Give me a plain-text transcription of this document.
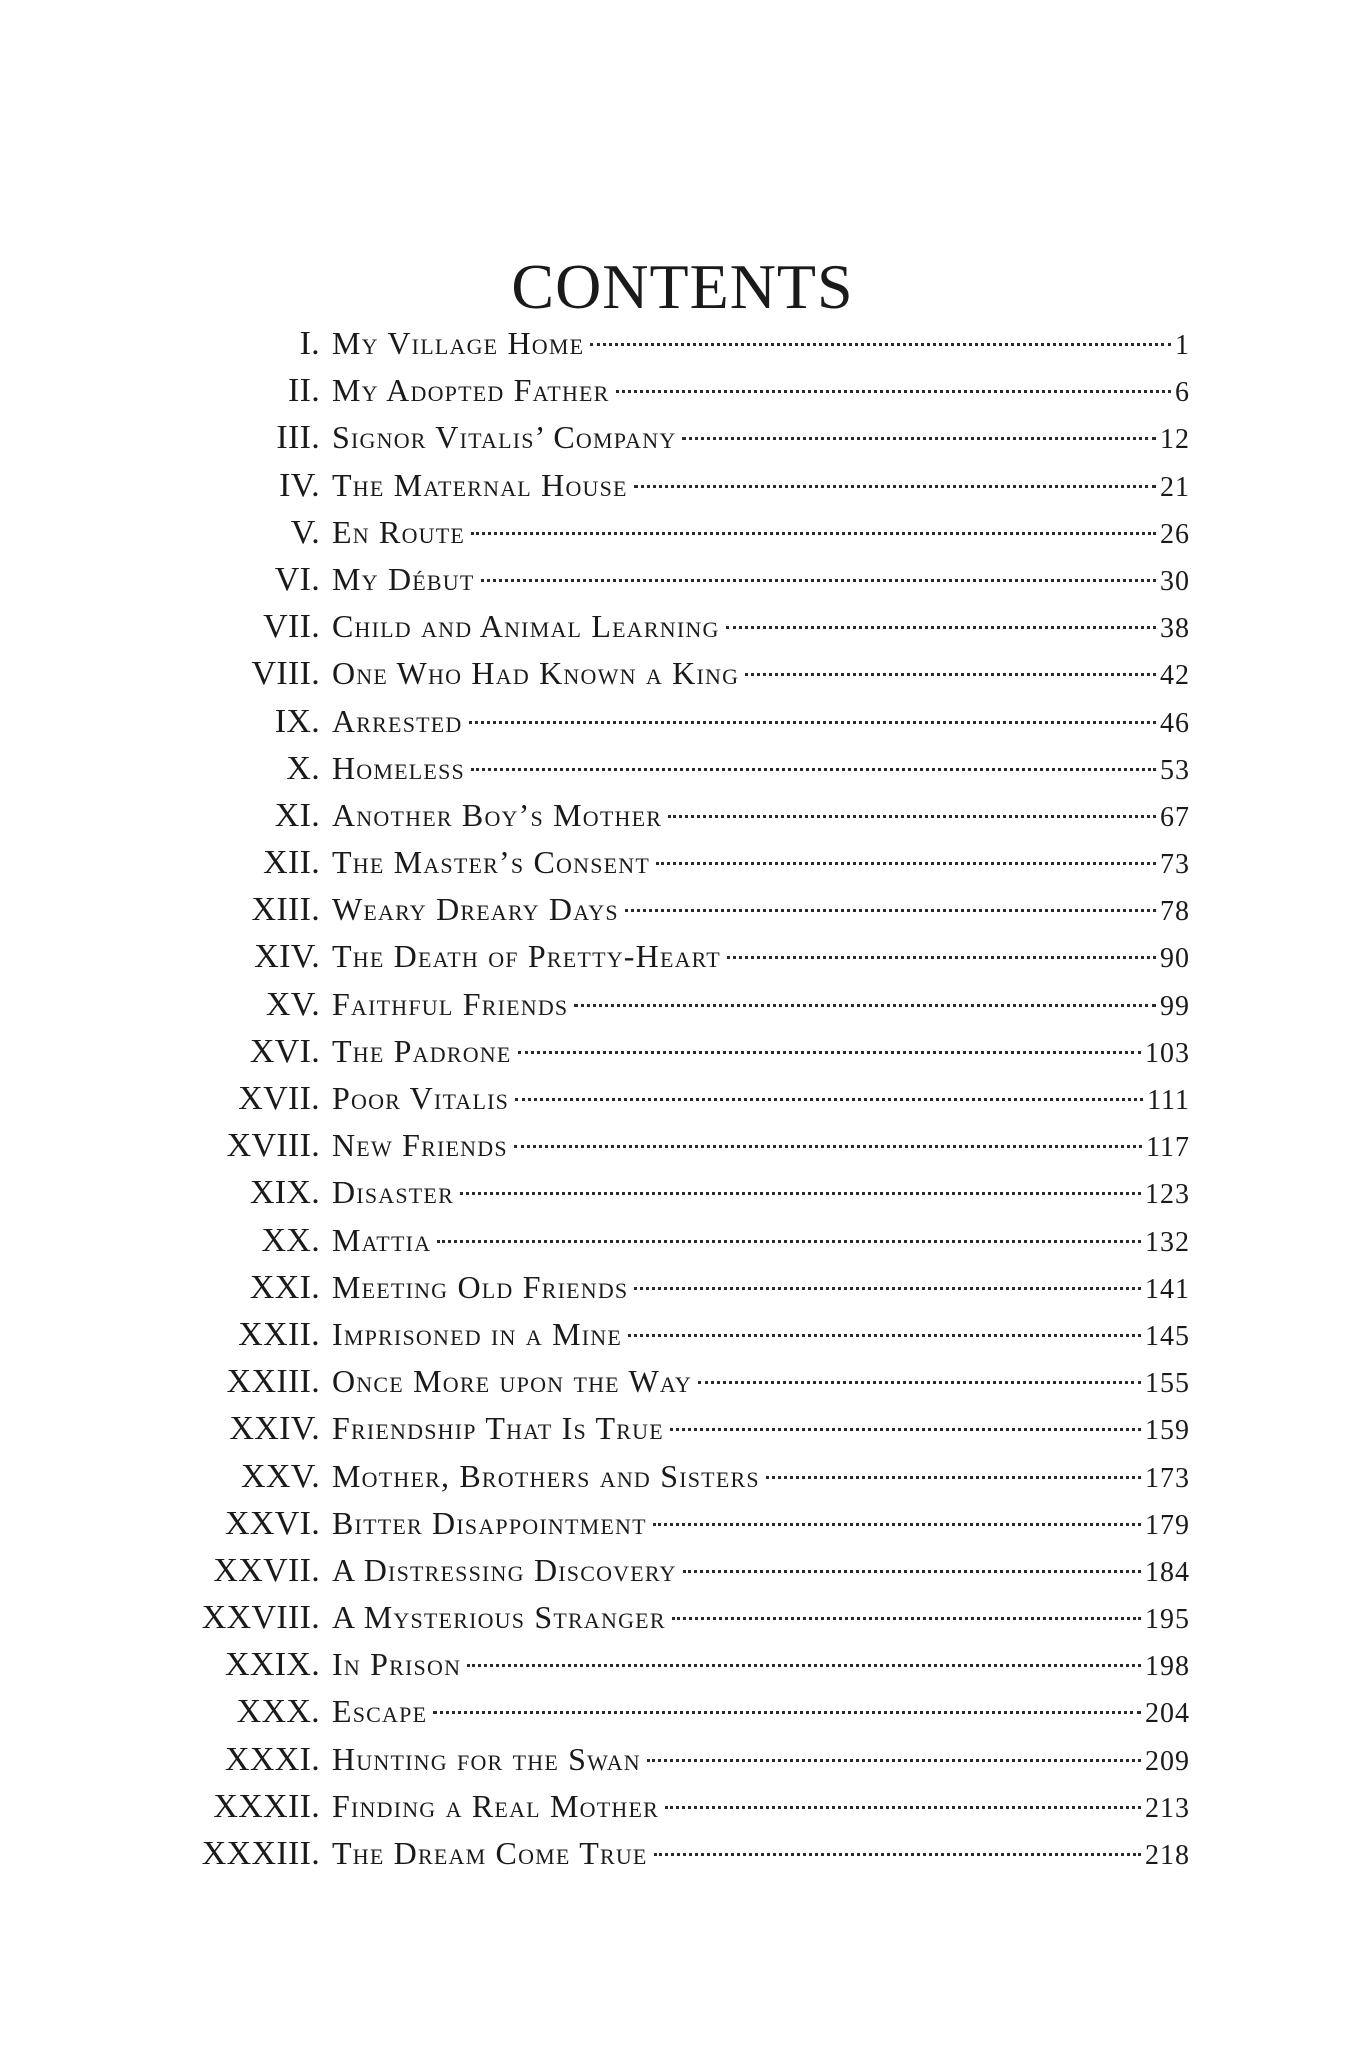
CONTENTS
I. My Village Home	1
II. My Adopted Father	6
III. Signor Vitalis’ Company	12
IV. The Maternal House	21
V. En Route	26
VI. My Début	30
VII. Child and Animal Learning	38
VIII. One Who Had Known a King	42
IX. Arrested	46
X. Homeless	53
XI. Another Boy’s Mother	67
XII. The Master’s Consent	73
XIII. Weary Dreary Days	78
XIV. The Death of Pretty-Heart	90
XV. Faithful Friends	99
XVI. The Padrone	103
XVII. Poor Vitalis	111
XVIII. New Friends	117
XIX. Disaster	123
XX. Mattia	132
XXI. Meeting Old Friends	141
XXII. Imprisoned in a Mine	145
XXIII. Once More upon the Way	155
XXIV. Friendship That Is True	159
XXV. Mother, Brothers and Sisters	173
XXVI. Bitter Disappointment	179
XXVII. A Distressing Discovery	184
XXVIII. A Mysterious Stranger	195
XXIX. In Prison	198
XXX. Escape	204
XXXI. Hunting for the Swan	209
XXXII. Finding a Real Mother	213
XXXIII. The Dream Come True	218
